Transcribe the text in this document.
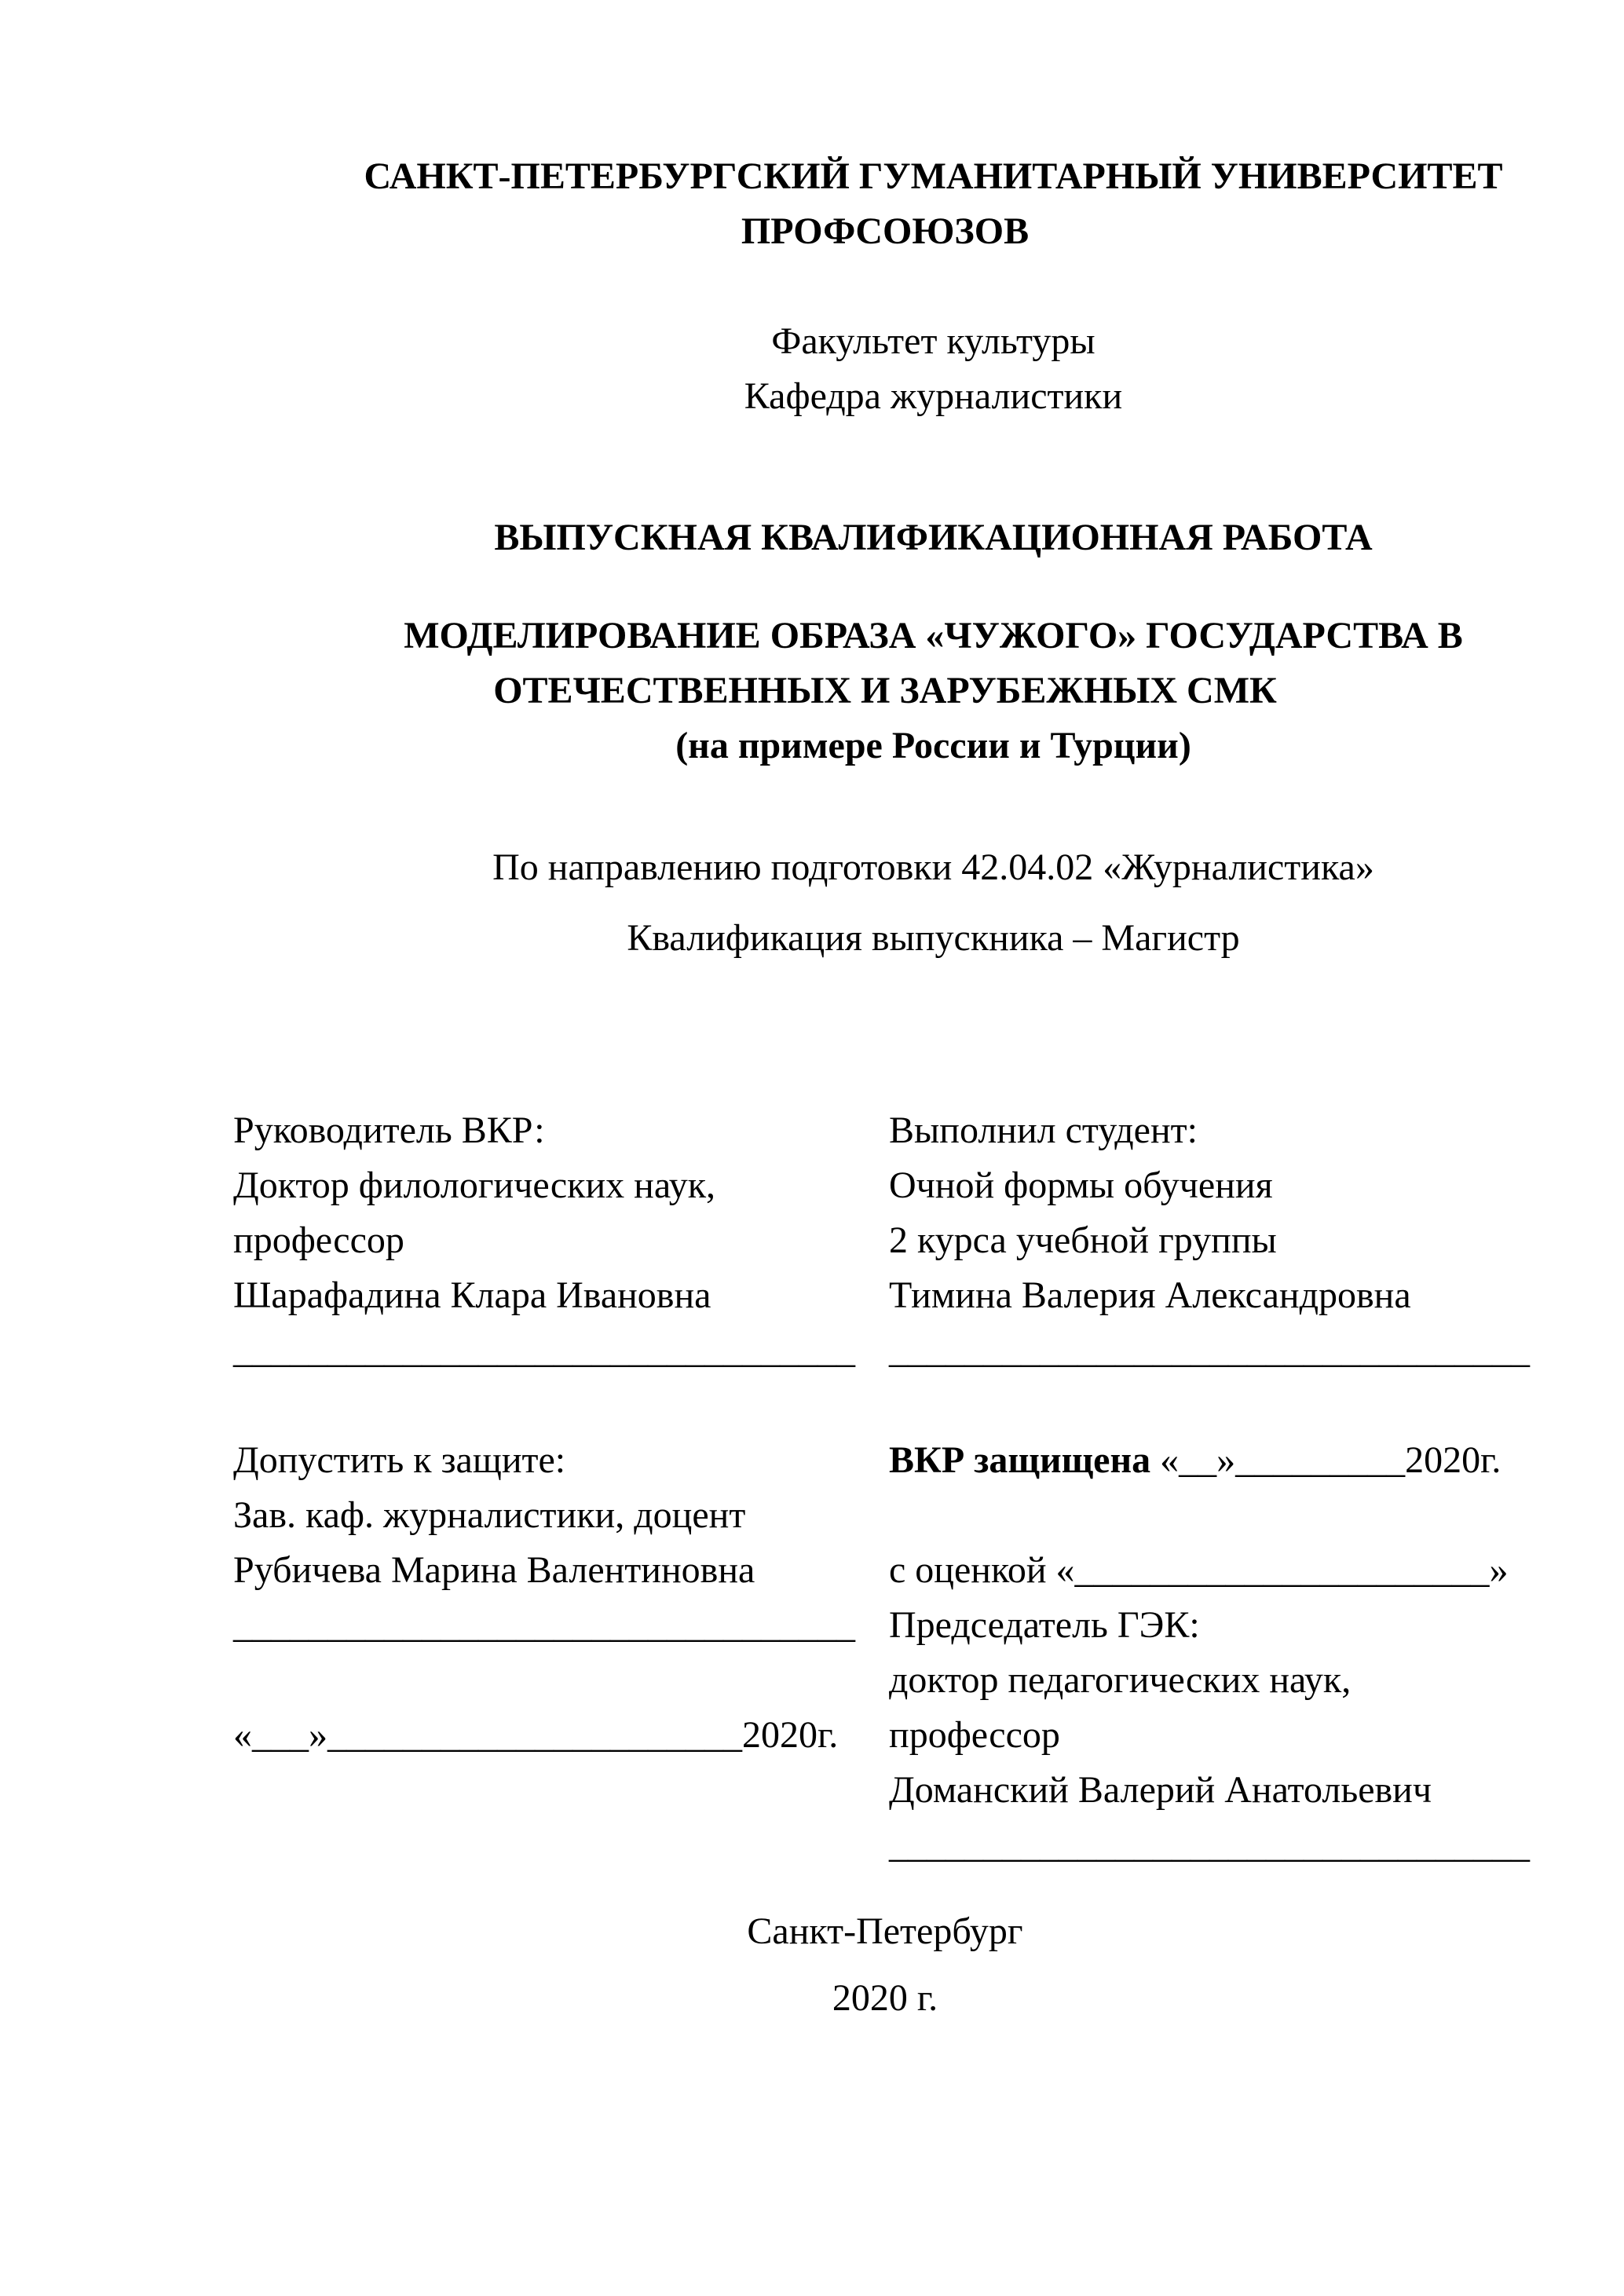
САНКТ-ПЕТЕРБУРГСКИЙ ГУМАНИТАРНЫЙ УНИВЕРСИТЕТ
ПРОФСОЮЗОВ
Факультет культуры
Кафедра журналистики
ВЫПУСКНАЯ КВАЛИФИКАЦИОННАЯ РАБОТА
МОДЕЛИРОВАНИЕ ОБРАЗА «ЧУЖОГО» ГОСУДАРСТВА В
ОТЕЧЕСТВЕННЫХ И ЗАРУБЕЖНЫХ СМК
(на примере России и Турции)
По направлению подготовки 42.04.02 «Журналистика»
Квалификация выпускника – Магистр
Руководитель ВКР:
Доктор филологических наук,
профессор
Шарафадина Клара Ивановна
_________________________________
Допустить к защите:
Зав. каф. журналистики, доцент
Рубичева Марина Валентиновна
_________________________________
«___»______________________2020г.
Выполнил студент:
Очной формы обучения
2 курса учебной группы
Тимина Валерия Александровна
__________________________________
ВКР защищена «__»_________2020г.
с оценкой «______________________»
Председатель ГЭК:
доктор педагогических наук,
профессор
Доманский Валерий Анатольевич
__________________________________
Санкт-Петербург
2020 г.
